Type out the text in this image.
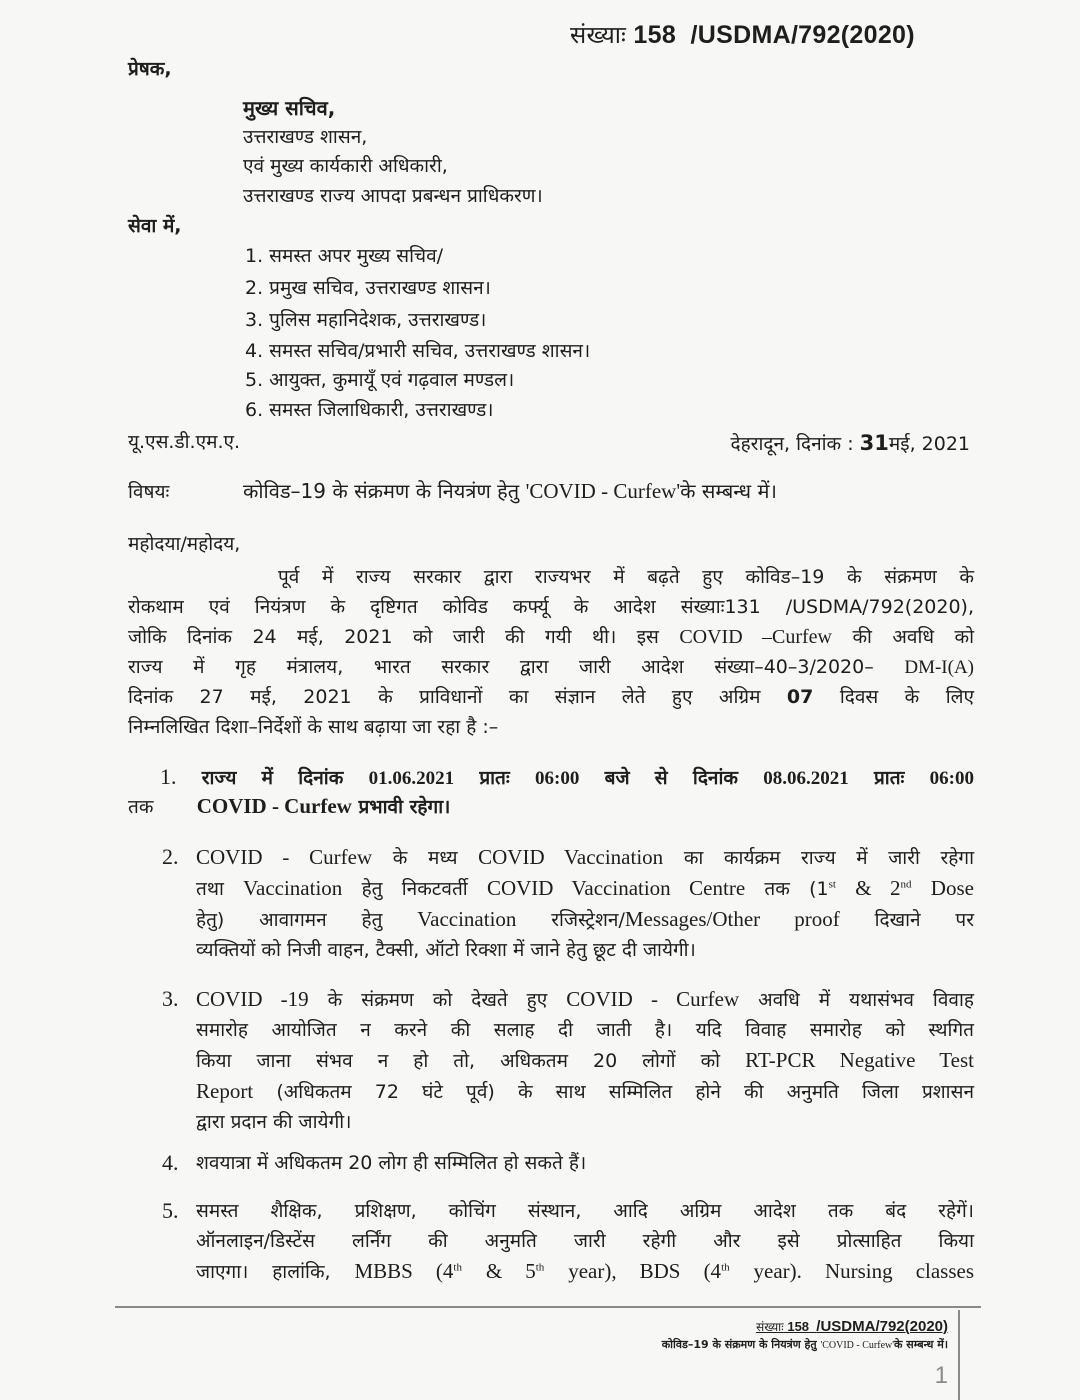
संख्याः 158 /USDMA/792(2020)
प्रेषक,
मुख्य सचिव,
उत्तराखण्ड शासन,
एवं मुख्य कार्यकारी अधिकारी,
उत्तराखण्ड राज्य आपदा प्रबन्धन प्राधिकरण।
सेवा में,
1. समस्त अपर मुख्य सचिव/
2. प्रमुख सचिव, उत्तराखण्ड शासन।
3. पुलिस महानिदेशक, उत्तराखण्ड।
4. समस्त सचिव/प्रभारी सचिव, उत्तराखण्ड शासन।
5. आयुक्त, कुमायूँ एवं गढ़वाल मण्डल।
6. समस्त जिलाधिकारी, उत्तराखण्ड।
यू.एस.डी.एम.ए.	देहरादून, दिनांक : 31मई, 2021
विषयः	कोविड–19 के संक्रमण के नियत्रंण हेतु 'COVID - Curfew'के सम्बन्ध में।
महोदया/महोदय,
पूर्व में राज्य सरकार द्वारा राज्यभर में बढ़ते हुए कोविड–19 के संक्रमण के
रोकथाम एवं नियंत्रण के दृष्टिगत कोविड कर्फ्यू के आदेश संख्याः131 /USDMA/792(2020),
जोकि दिनांक 24 मई, 2021 को जारी की गयी थी। इस COVID –Curfew की अवधि को
राज्य में गृह मंत्रालय, भारत सरकार द्वारा जारी आदेश संख्या–40–3/2020– DM-I(A)
दिनांक 27 मई, 2021 के प्राविधानों का संज्ञान लेते हुए अग्रिम 07 दिवस के लिए
निम्नलिखित दिशा–निर्देशों के साथ बढ़ाया जा रहा है :–
1. राज्य में दिनांक 01.06.2021 प्रातः 06:00 बजे से दिनांक 08.06.2021 प्रातः 06:00
तक COVID - Curfew प्रभावी रहेगा।
2. COVID - Curfew के मध्य COVID Vaccination का कार्यक्रम राज्य में जारी रहेगा
तथा Vaccination हेतु निकटवर्ती COVID Vaccination Centre तक (1st & 2nd Dose
हेतु) आवागमन हेतु Vaccination रजिस्ट्रेशन/Messages/Other proof दिखाने पर
व्यक्तियों को निजी वाहन, टैक्सी, ऑटो रिक्शा में जाने हेतु छूट दी जायेगी।
3. COVID -19 के संक्रमण को देखते हुए COVID - Curfew अवधि में यथासंभव विवाह
समारोह आयोजित न करने की सलाह दी जाती है। यदि विवाह समारोह को स्थगित
किया जाना संभव न हो तो, अधिकतम 20 लोगों को RT-PCR Negative Test
Report (अधिकतम 72 घंटे पूर्व) के साथ सम्मिलित होने की अनुमति जिला प्रशासन
द्वारा प्रदान की जायेगी।
4. शवयात्रा में अधिकतम 20 लोग ही सम्मिलित हो सकते हैं।
5. समस्त शैक्षिक, प्रशिक्षण, कोचिंग संस्थान, आदि अग्रिम आदेश तक बंद रहेगें।
ऑनलाइन/डिस्टेंस लर्निंग की अनुमति जारी रहेगी और इसे प्रोत्साहित किया
जाएगा। हालांकि, MBBS (4th & 5th year), BDS (4th year). Nursing classes
संख्याः 158 /USDMA/792(2020)
कोविड–19 के संक्रमण के नियत्रंण हेतु 'COVID - Curfew'के सम्बन्ध में।
1
